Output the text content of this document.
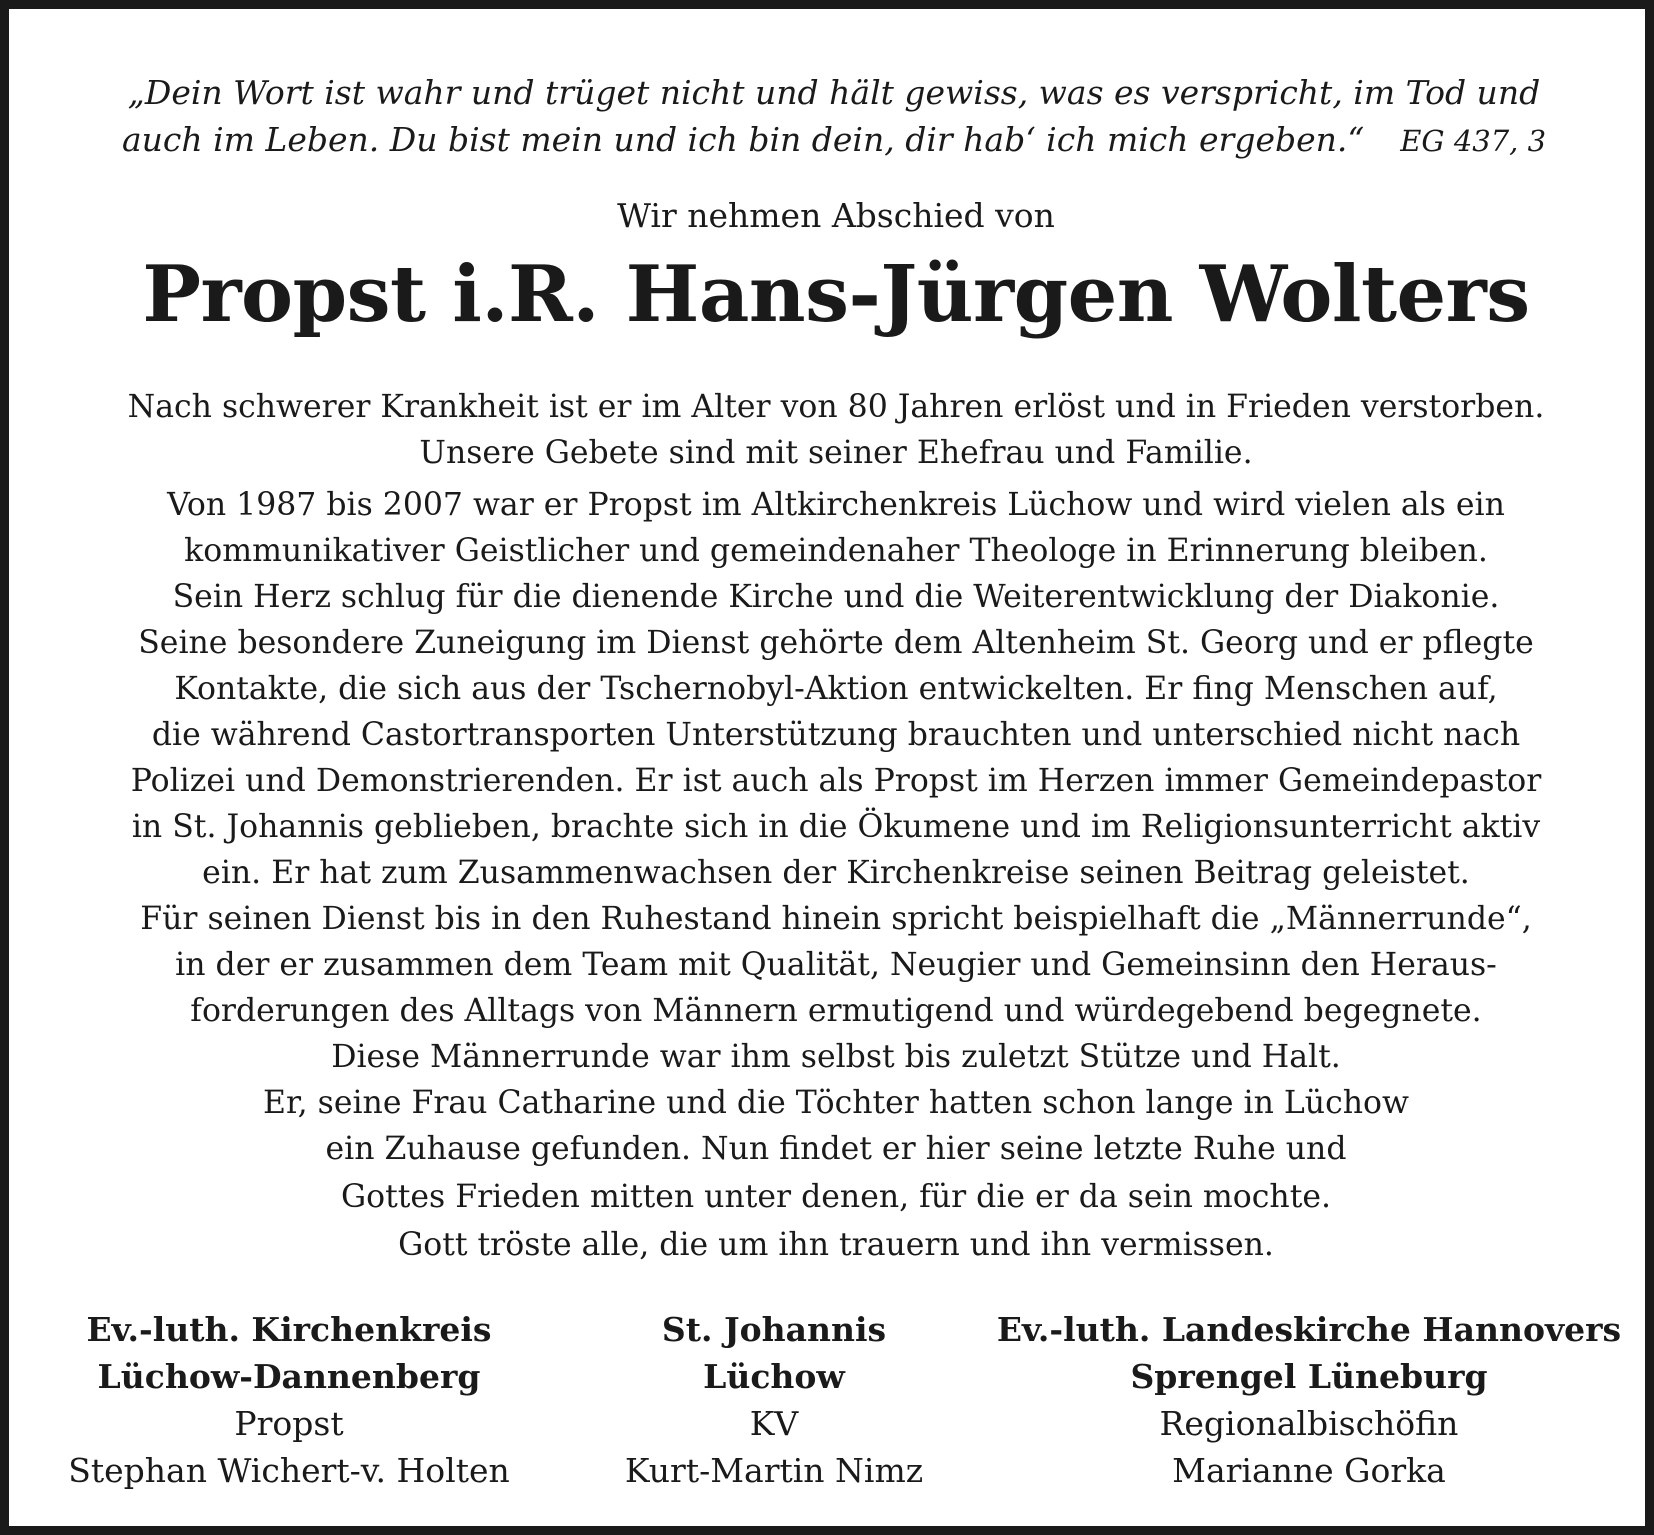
„Dein Wort ist wahr und trüget nicht und hält gewiss, was es verspricht, im Tod und
auch im Leben. Du bist mein und ich bin dein, dir hab‘ ich mich ergeben.“ EG 437, 3
Wir nehmen Abschied von
Propst i.R. Hans-Jürgen Wolters
Nach schwerer Krankheit ist er im Alter von 80 Jahren erlöst und in Frieden verstorben.
Unsere Gebete sind mit seiner Ehefrau und Familie.
Von 1987 bis 2007 war er Propst im Altkirchenkreis Lüchow und wird vielen als ein
kommunikativer Geistlicher und gemeindenaher Theologe in Erinnerung bleiben.
Sein Herz schlug für die dienende Kirche und die Weiterentwicklung der Diakonie.
Seine besondere Zuneigung im Dienst gehörte dem Altenheim St. Georg und er pflegte
Kontakte, die sich aus der Tschernobyl-Aktion entwickelten. Er fing Menschen auf,
die während Castortransporten Unterstützung brauchten und unterschied nicht nach
Polizei und Demonstrierenden. Er ist auch als Propst im Herzen immer Gemeindepastor
in St. Johannis geblieben, brachte sich in die Ökumene und im Religionsunterricht aktiv
ein. Er hat zum Zusammenwachsen der Kirchenkreise seinen Beitrag geleistet.
Für seinen Dienst bis in den Ruhestand hinein spricht beispielhaft die „Männerrunde“,
in der er zusammen dem Team mit Qualität, Neugier und Gemeinsinn den Heraus-
forderungen des Alltags von Männern ermutigend und würdegebend begegnete.
Diese Männerrunde war ihm selbst bis zuletzt Stütze und Halt.
Er, seine Frau Catharine und die Töchter hatten schon lange in Lüchow
ein Zuhause gefunden. Nun findet er hier seine letzte Ruhe und
Gottes Frieden mitten unter denen, für die er da sein mochte.
Gott tröste alle, die um ihn trauern und ihn vermissen.
Ev.-luth. Kirchenkreis
Lüchow-Dannenberg
Propst
Stephan Wichert-v. Holten
St. Johannis
Lüchow
KV
Kurt-Martin Nimz
Ev.-luth. Landeskirche Hannovers
Sprengel Lüneburg
Regionalbischöfin
Marianne Gorka
